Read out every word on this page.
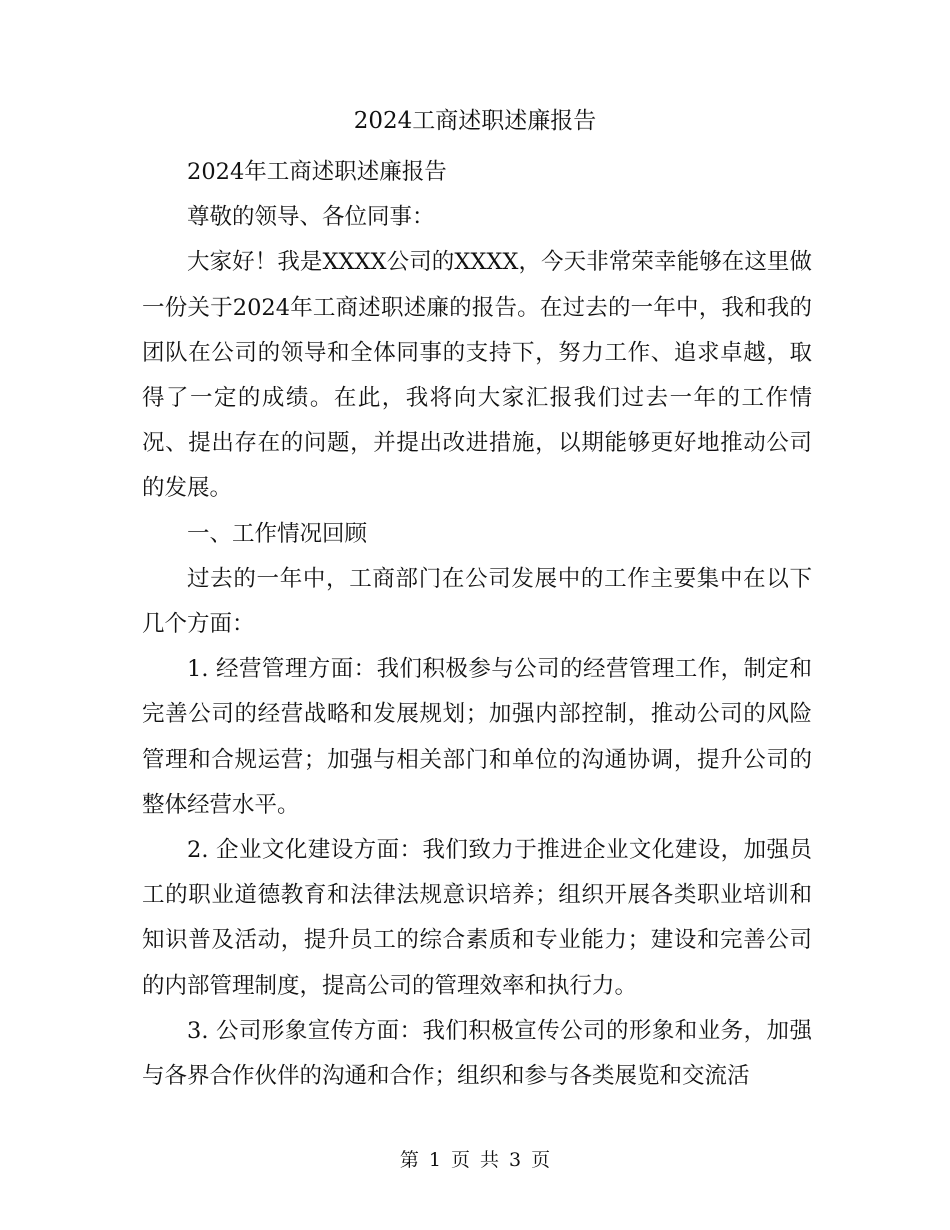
2024工商述职述廉报告

2024年工商述职述廉报告

尊敬的领导、各位同事：

大家好！我是XXXX公司的XXXX，今天非常荣幸能够在这里做一份关于2024年工商述职述廉的报告。在过去的一年中，我和我的团队在公司的领导和全体同事的支持下，努力工作、追求卓越，取得了一定的成绩。在此，我将向大家汇报我们过去一年的工作情况、提出存在的问题，并提出改进措施，以期能够更好地推动公司的发展。

一、工作情况回顾

过去的一年中，工商部门在公司发展中的工作主要集中在以下几个方面：

1. 经营管理方面：我们积极参与公司的经营管理工作，制定和完善公司的经营战略和发展规划；加强内部控制，推动公司的风险管理和合规运营；加强与相关部门和单位的沟通协调，提升公司的整体经营水平。

2. 企业文化建设方面：我们致力于推进企业文化建设，加强员工的职业道德教育和法律法规意识培养；组织开展各类职业培训和知识普及活动，提升员工的综合素质和专业能力；建设和完善公司的内部管理制度，提高公司的管理效率和执行力。

3. 公司形象宣传方面：我们积极宣传公司的形象和业务，加强与各界合作伙伴的沟通和合作；组织和参与各类展览和交流活

第 1 页 共 3 页
